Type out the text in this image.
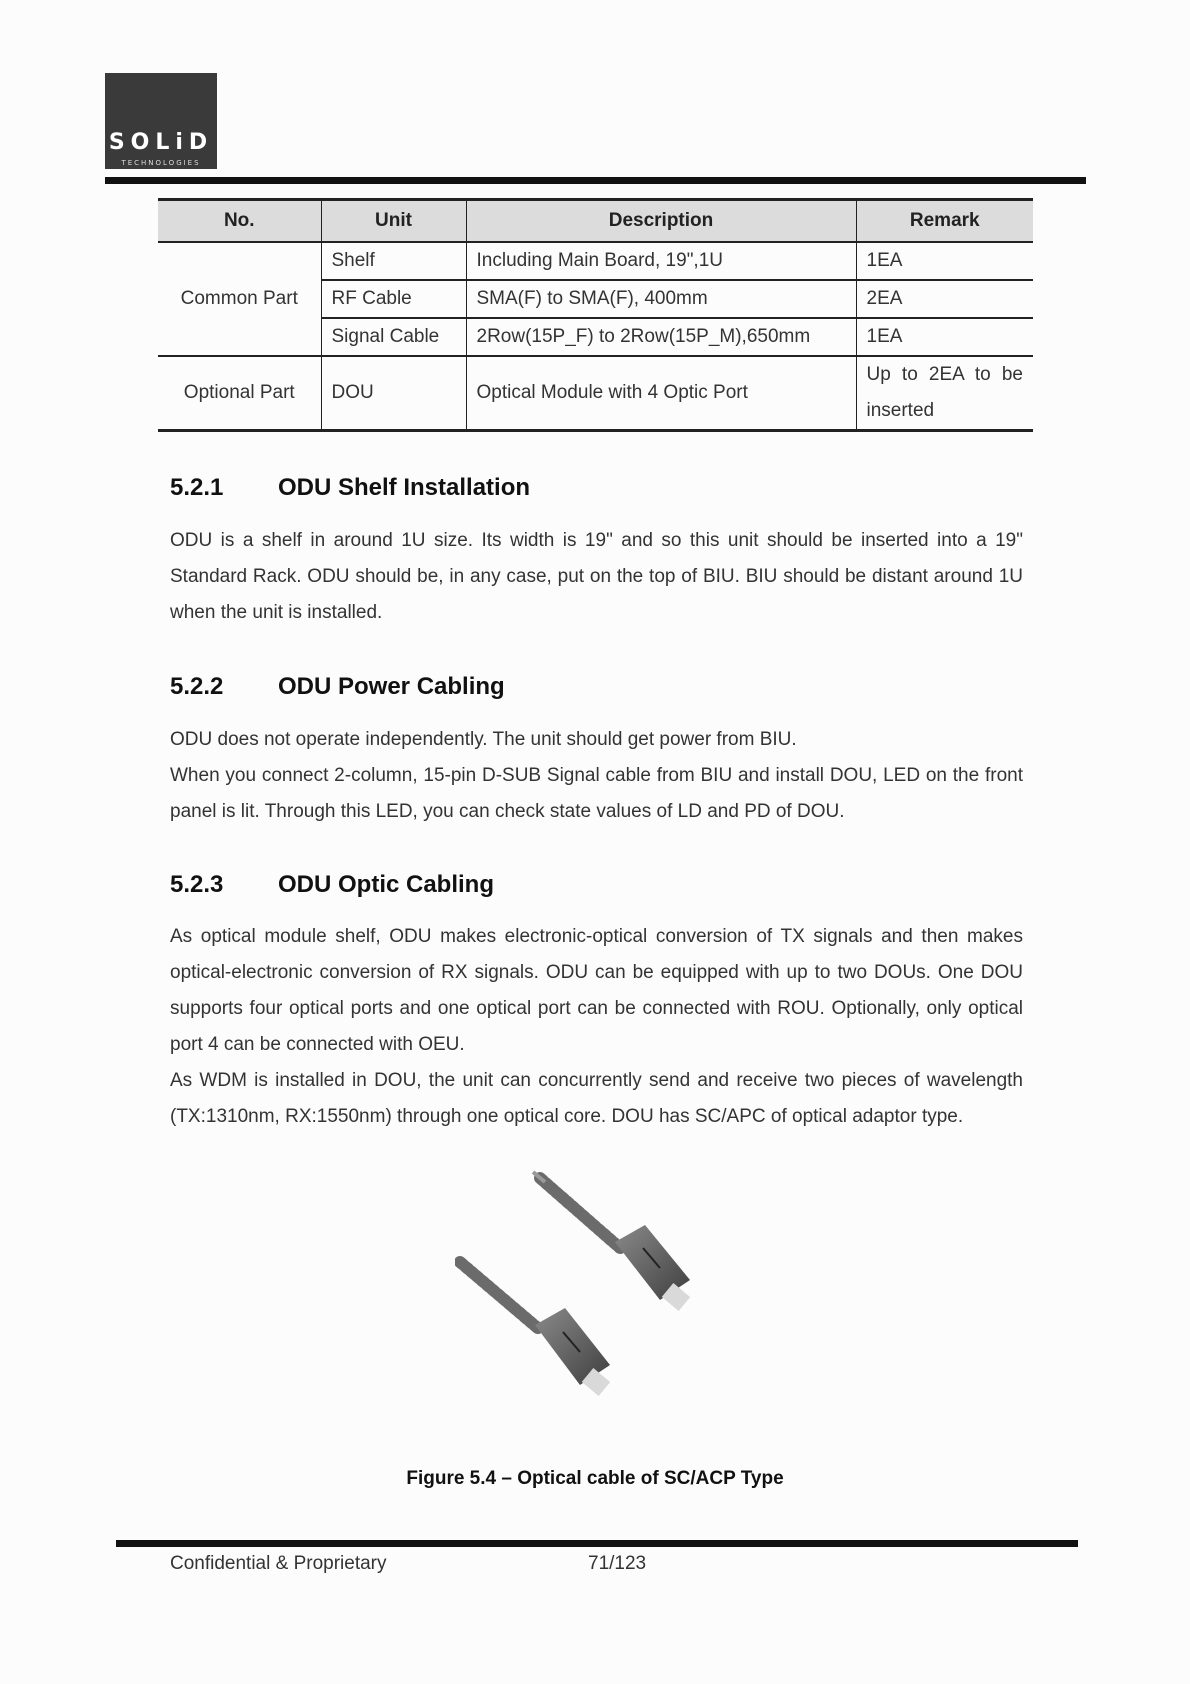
SOLiD
TECHNOLOGIES
No.	Unit	Description	Remark
Common Part	Shelf	Including Main Board, 19",1U	1EA
	RF Cable	SMA(F) to SMA(F), 400mm	2EA
	Signal Cable	2Row(15P_F) to 2Row(15P_M),650mm	1EA
Optional Part	DOU	Optical Module with 4 Optic Port	Up to 2EA to be
inserted
5.2.1 ODU Shelf Installation

ODU is a shelf in around 1U size. Its width is 19" and so this unit should be inserted into a 19" Standard Rack. ODU should be, in any case, put on the top of BIU. BIU should be distant around 1U when the unit is installed.

5.2.2 ODU Power Cabling

ODU does not operate independently. The unit should get power from BIU.

When you connect 2-column, 15-pin D-SUB Signal cable from BIU and install DOU, LED on the front panel is lit. Through this LED, you can check state values of LD and PD of DOU.

5.2.3 ODU Optic Cabling

As optical module shelf, ODU makes electronic-optical conversion of TX signals and then makes optical-electronic conversion of RX signals. ODU can be equipped with up to two DOUs. One DOU supports four optical ports and one optical port can be connected with ROU. Optionally, only optical port 4 can be connected with OEU.

As WDM is installed in DOU, the unit can concurrently send and receive two pieces of wavelength (TX:1310nm, RX:1550nm) through one optical core. DOU has SC/APC of optical adaptor type.

Figure 5.4 – Optical cable of SC/ACP Type
Confidential & Proprietary	71/123
